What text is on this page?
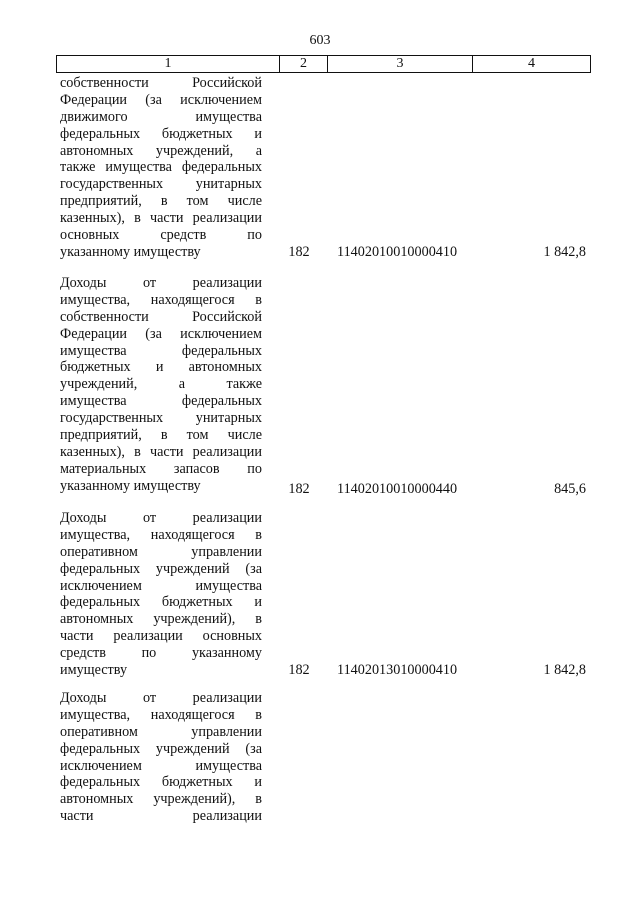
603
1	2	3	4
собственности Российской
Федерации (за исключением
движимого имущества
федеральных бюджетных и
автономных учреждений, а
также имущества федеральных
государственных унитарных
предприятий, в том числе
казенных), в части реализации
основных средств по
указанному имуществу	182 11402010010000410	1 842,8
Доходы от реализации
имущества, находящегося в
собственности Российской
Федерации (за исключением
имущества федеральных
бюджетных и автономных
учреждений, а также
имущества федеральных
государственных унитарных
предприятий, в том числе
казенных), в части реализации
материальных запасов по
указанному имуществу	182 11402010010000440	845,6
Доходы от реализации
имущества, находящегося в
оперативном управлении
федеральных учреждений (за
исключением имущества
федеральных бюджетных и
автономных учреждений), в
части реализации основных
средств по указанному
имуществу	182 11402013010000410	1 842,8
Доходы от реализации
имущества, находящегося в
оперативном управлении
федеральных учреждений (за
исключением имущества
федеральных бюджетных и
автономных учреждений), в
части реализации
